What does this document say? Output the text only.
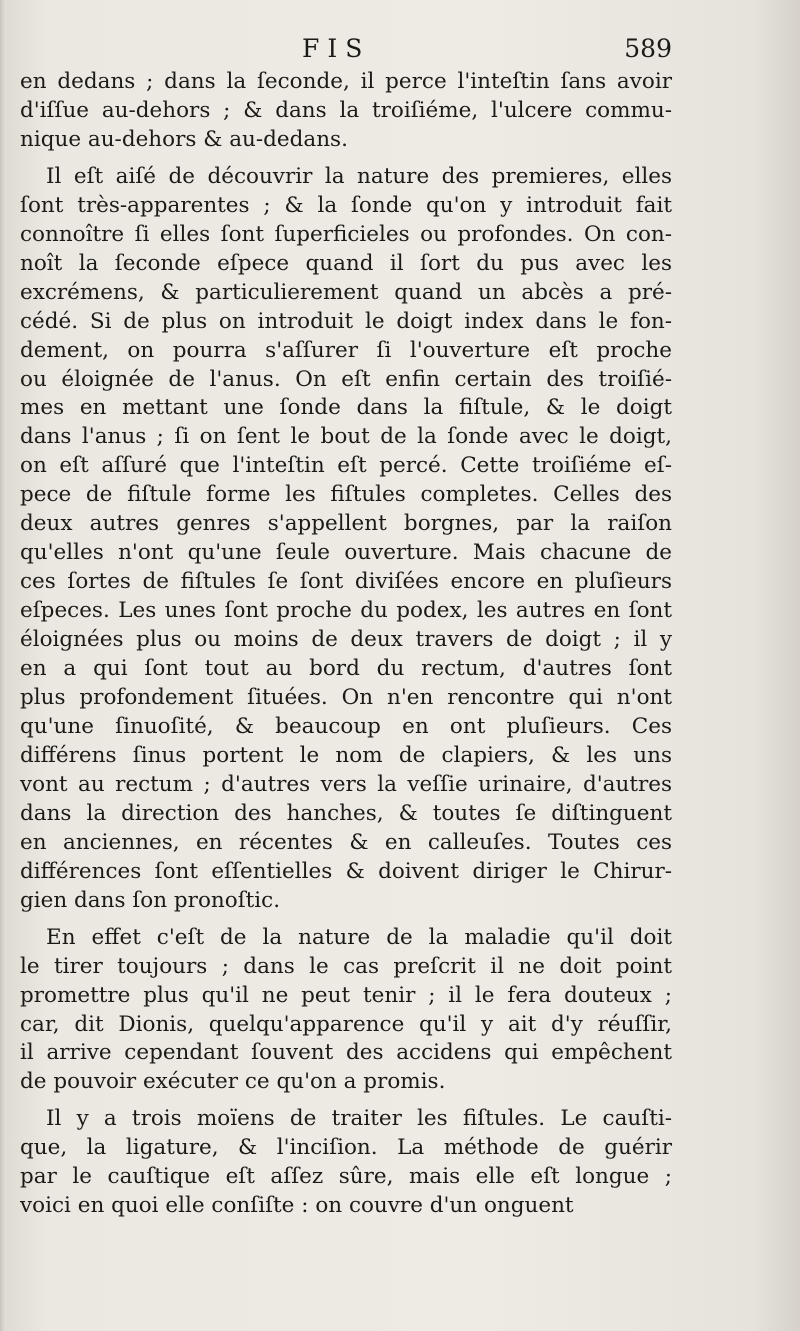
FIS	589

en dedans ; dans la ſeconde, il perce l'inteſtin ſans avoir
d'iſſue au-dehors ; & dans la troiſiéme, l'ulcere commu-
nique au-dehors & au-dedans.

Il eſt aiſé de découvrir la nature des premieres, elles
ſont très-apparentes ; & la ſonde qu'on y introduit fait
connoître ſi elles ſont ſuperficieles ou profondes. On con-
noît la ſeconde eſpece quand il ſort du pus avec les
excrémens, & particulierement quand un abcès a pré-
cédé. Si de plus on introduit le doigt index dans le fon-
dement, on pourra s'aſſurer ſi l'ouverture eſt proche
ou éloignée de l'anus. On eſt enfin certain des troiſié-
mes en mettant une ſonde dans la fiſtule, & le doigt
dans l'anus ; ſi on ſent le bout de la ſonde avec le doigt,
on eſt aſſuré que l'inteſtin eſt percé. Cette troiſiéme eſ-
pece de fiſtule forme les fiſtules completes. Celles des
deux autres genres s'appellent borgnes, par la raiſon
qu'elles n'ont qu'une ſeule ouverture. Mais chacune de
ces ſortes de fiſtules ſe ſont diviſées encore en pluſieurs
eſpeces. Les unes ſont proche du podex, les autres en ſont
éloignées plus ou moins de deux travers de doigt ; il y
en a qui ſont tout au bord du rectum, d'autres ſont
plus profondement ſituées. On n'en rencontre qui n'ont
qu'une ſinuoſité, & beaucoup en ont pluſieurs. Ces
différens ſinus portent le nom de clapiers, & les uns
vont au rectum ; d'autres vers la veſſie urinaire, d'autres
dans la direction des hanches, & toutes ſe diſtinguent
en anciennes, en récentes & en calleuſes. Toutes ces
différences ſont eſſentielles & doivent diriger le Chirur-
gien dans ſon pronoſtic.

En effet c'eſt de la nature de la maladie qu'il doit
le tirer toujours ; dans le cas preſcrit il ne doit point
promettre plus qu'il ne peut tenir ; il le fera douteux ;
car, dit Dionis, quelqu'apparence qu'il y ait d'y réuſſir,
il arrive cependant ſouvent des accidens qui empêchent
de pouvoir exécuter ce qu'on a promis.

Il y a trois moïens de traiter les fiſtules. Le cauſti-
que, la ligature, & l'inciſion. La méthode de guérir
par le cauſtique eſt aſſez sûre, mais elle eſt longue ;
voici en quoi elle conſiſte : on couvre d'un onguent
